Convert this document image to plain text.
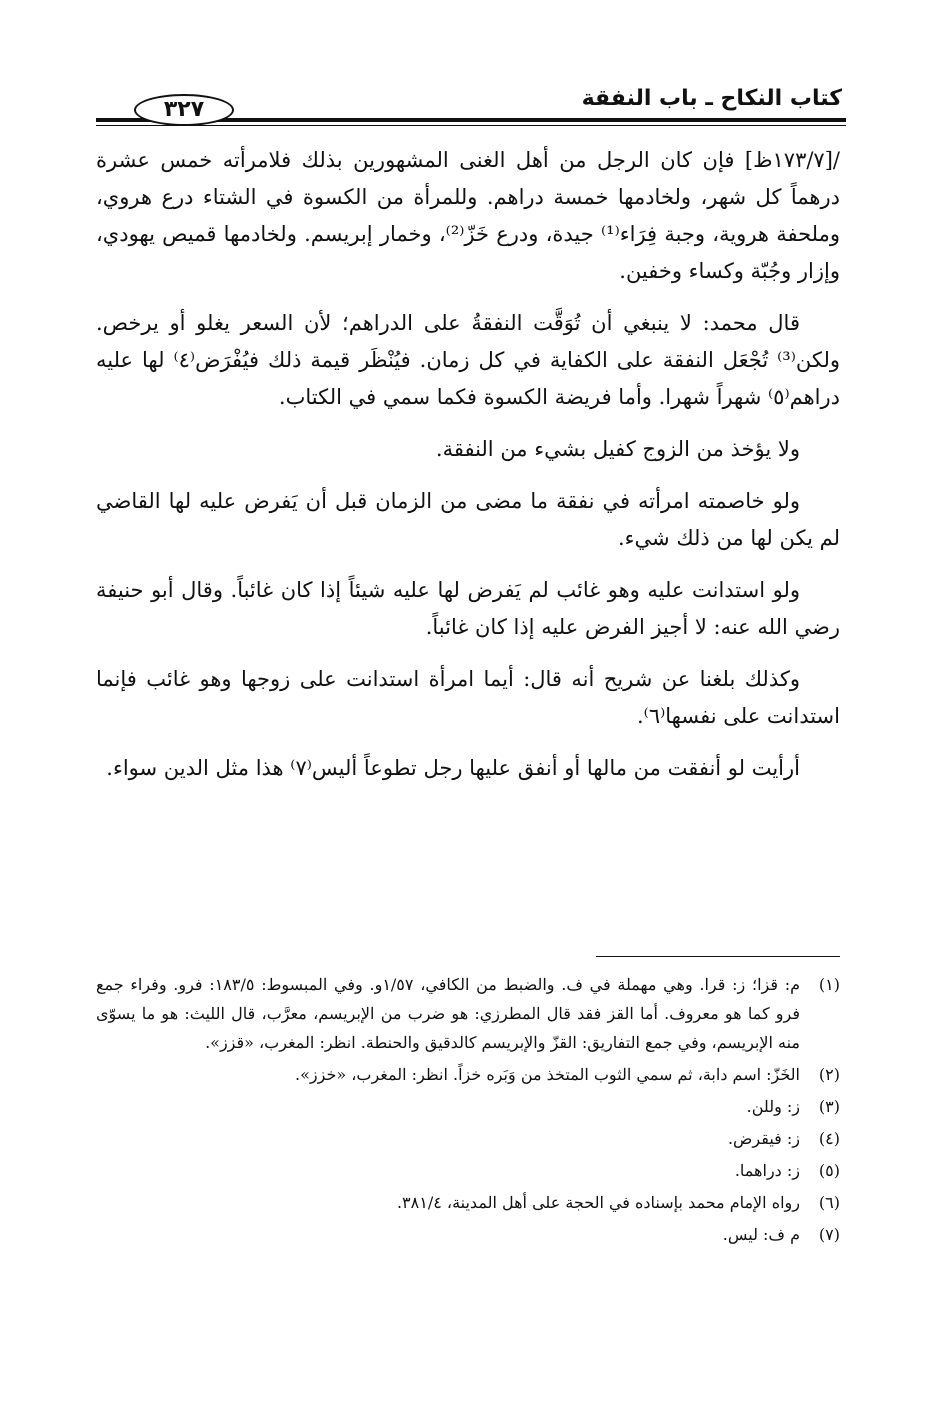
كتاب النكاح ـ باب النفقة
٣٢٧

/[١٧٣/٧ظ] فإن كان الرجل من أهل الغنى المشهورين بذلك فلامرأته خمس عشرة درهماً كل شهر، ولخادمها خمسة دراهم. وللمرأة من الكسوة في الشتاء درع هروي، وملحفة هروية، وجبة فِرَاء⁽¹⁾ جيدة، ودرع خَزّ⁽²⁾، وخمار إبريسم. ولخادمها قميص يهودي، وإزار وجُبّة وكساء وخفين.

قال محمد: لا ينبغي أن تُوَقَّت النفقةُ على الدراهم؛ لأن السعر يغلو أو يرخص. ولكن⁽³⁾ تُجْعَل النفقة على الكفاية في كل زمان. فيُنْظَر قيمة ذلك فيُفْرَض⁽٤⁾ لها عليه دراهم⁽٥⁾ شهراً شهرا. وأما فريضة الكسوة فكما سمي في الكتاب.

ولا يؤخذ من الزوج كفيل بشيء من النفقة.

ولو خاصمته امرأته في نفقة ما مضى من الزمان قبل أن يَفرض عليه لها القاضي لم يكن لها من ذلك شيء.

ولو استدانت عليه وهو غائب لم يَفرض لها عليه شيئاً إذا كان غائباً. وقال أبو حنيفة رضي الله عنه: لا أجيز الفرض عليه إذا كان غائباً.

وكذلك بلغنا عن شريح أنه قال: أيما امرأة استدانت على زوجها وهو غائب فإنما استدانت على نفسها⁽٦⁾.

أرأيت لو أنفقت من مالها أو أنفق عليها رجل تطوعاً أليس⁽٧⁾ هذا مثل الدين سواء.

(١)
م: قزا؛ ز: قرا. وهي مهملة في ف. والضبط من الكافي، ١/٥٧و. وفي المبسوط: ١٨٣/٥: فرو. وفراء جمع فرو كما هو معروف. أما القز فقد قال المطرزي: هو ضرب من الإبريسم، معرَّب، قال الليث: هو ما يسوّى منه الإبريسم، وفي جمع التفاريق: القزّ والإبريسم كالدقيق والحنطة. انظر: المغرب، «قزز».
(٢)
الخَزّ: اسم دابة، ثم سمي الثوب المتخذ من وَبَره خزاً. انظر: المغرب، «خزز».
(٣)
ز: وللن.
(٤)
ز: فيقرض.
(٥)
ز: دراهما.
(٦)
رواه الإمام محمد بإسناده في الحجة على أهل المدينة، ٣٨١/٤.
(٧)
م ف: ليس.
